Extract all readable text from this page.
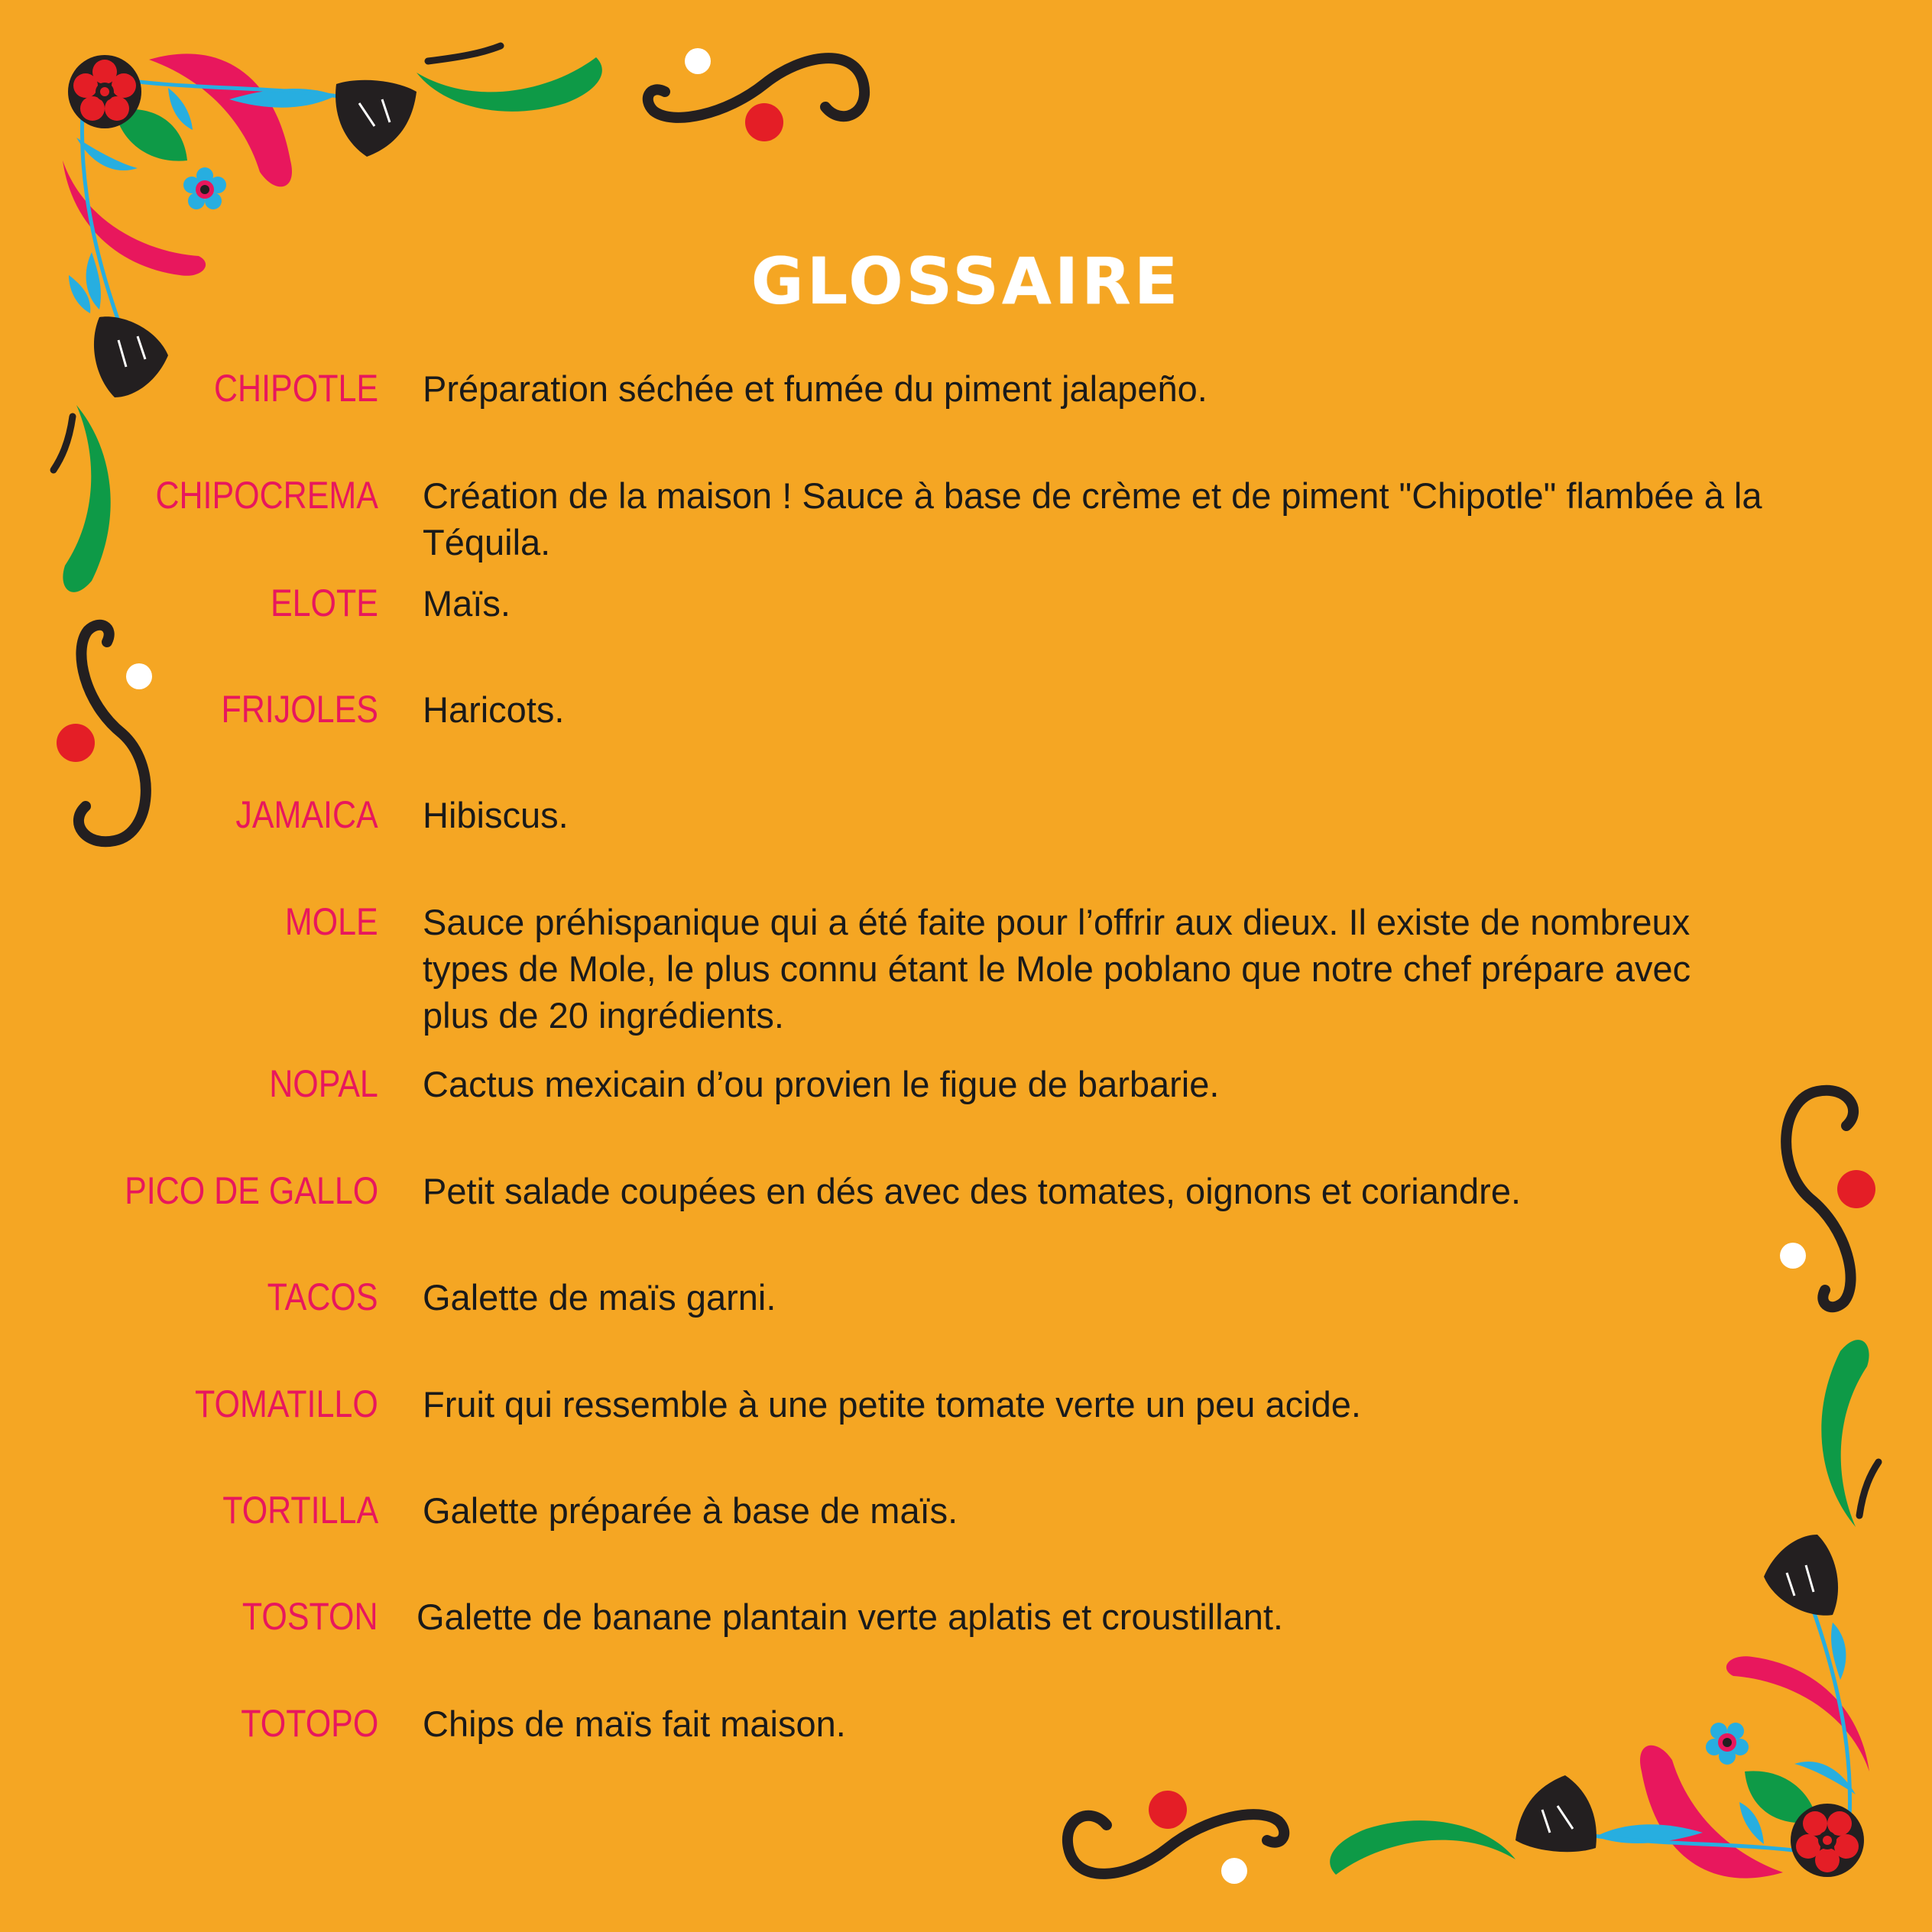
GLOSSAIRE
CHIPOTLE Préparation séchée et fumée du piment jalapeño.

CHIPOCREMA Création de la maison ! Sauce à base de crème et de piment "Chipotle" flambée à la Téquila.

ELOTE Maïs.

FRIJOLES Haricots.

JAMAICA Hibiscus.

MOLE Sauce préhispanique qui a été faite pour l’offrir aux dieux. Il existe de nombreux types de Mole, le plus connu étant le Mole poblano que notre chef prépare avec plus de 20 ingrédients.

NOPAL Cactus mexicain d’ou provien le figue de barbarie.

PICO DE GALLO Petit salade coupées en dés avec des tomates, oignons et coriandre.

TACOS Galette de maïs garni.

TOMATILLO Fruit qui ressemble à une petite tomate verte un peu acide.

TORTILLA Galette préparée à base de maïs.

TOSTON Galette de banane plantain verte aplatis et croustillant.

TOTOPO Chips de maïs fait maison.
